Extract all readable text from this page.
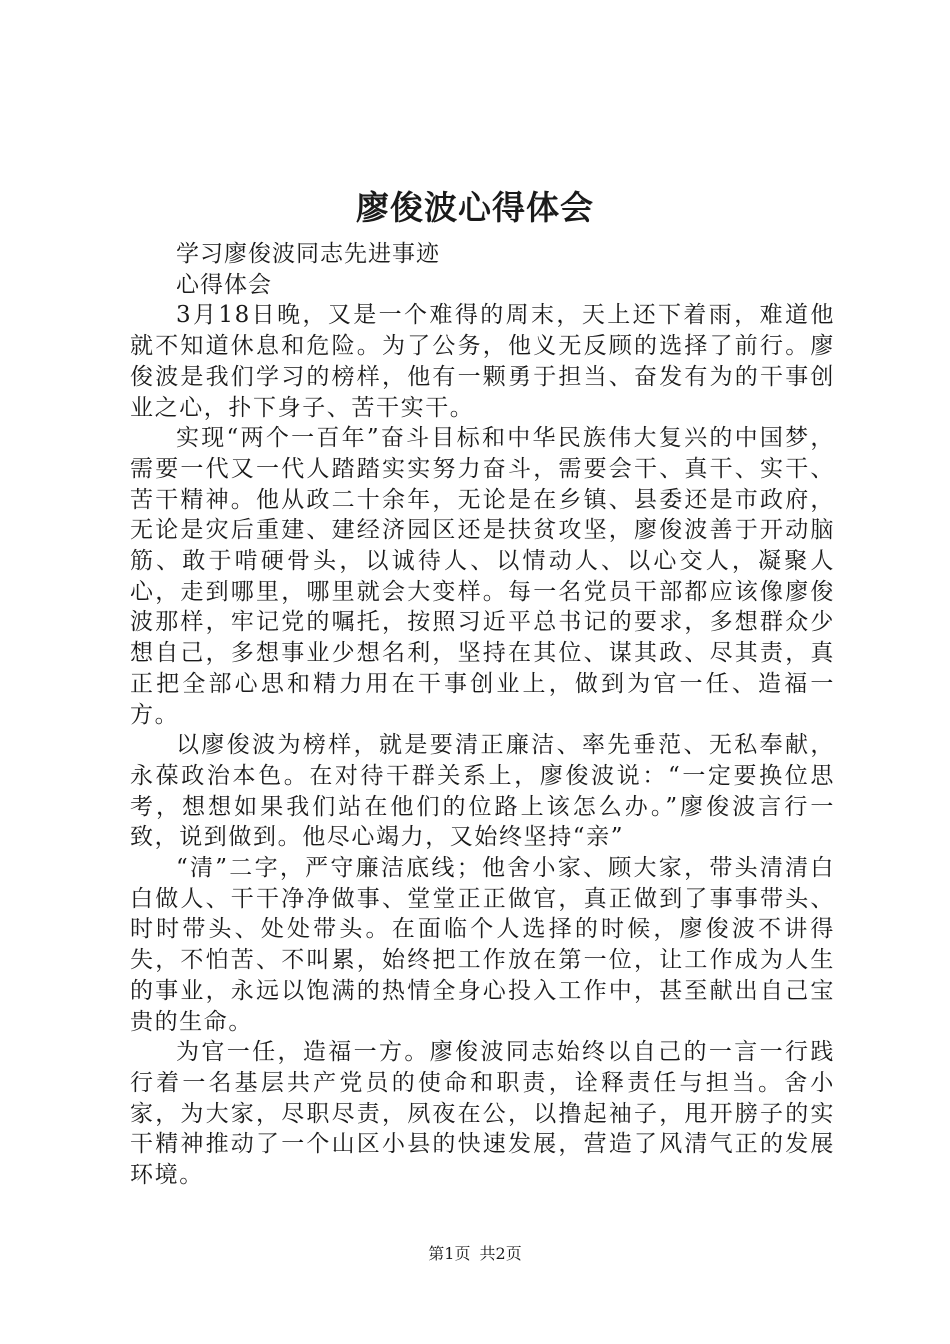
廖俊波心得体会

学习廖俊波同志先进事迹

心得体会

3月18日晚，又是一个难得的周末，天上还下着雨，难道他就不知道休息和危险。为了公务，他义无反顾的选择了前行。廖俊波是我们学习的榜样，他有一颗勇于担当、奋发有为的干事创业之心，扑下身子、苦干实干。

实现“两个一百年”奋斗目标和中华民族伟大复兴的中国梦，需要一代又一代人踏踏实实努力奋斗，需要会干、真干、实干、苦干精神。他从政二十余年，无论是在乡镇、县委还是市政府，无论是灾后重建、建经济园区还是扶贫攻坚，廖俊波善于开动脑筋、敢于啃硬骨头，以诚待人、以情动人、以心交人，凝聚人心，走到哪里，哪里就会大变样。每一名党员干部都应该像廖俊波那样，牢记党的嘱托，按照习近平总书记的要求，多想群众少想自己，多想事业少想名利，坚持在其位、谋其政、尽其责，真正把全部心思和精力用在干事创业上，做到为官一任、造福一方。

以廖俊波为榜样，就是要清正廉洁、率先垂范、无私奉献，永葆政治本色。在对待干群关系上，廖俊波说：“一定要换位思考，想想如果我们站在他们的位路上该怎么办。”廖俊波言行一致，说到做到。他尽心竭力，又始终坚持“亲”

“清”二字，严守廉洁底线；他舍小家、顾大家，带头清清白白做人、干干净净做事、堂堂正正做官，真正做到了事事带头、时时带头、处处带头。在面临个人选择的时候，廖俊波不讲得失，不怕苦、不叫累，始终把工作放在第一位，让工作成为人生的事业，永远以饱满的热情全身心投入工作中，甚至献出自己宝贵的生命。

为官一任，造福一方。廖俊波同志始终以自己的一言一行践行着一名基层共产党员的使命和职责，诠释责任与担当。舍小家，为大家，尽职尽责，夙夜在公，以撸起袖子，甩开膀子的实干精神推动了一个山区小县的快速发展，营造了风清气正的发展环境。

第1页 共2页
